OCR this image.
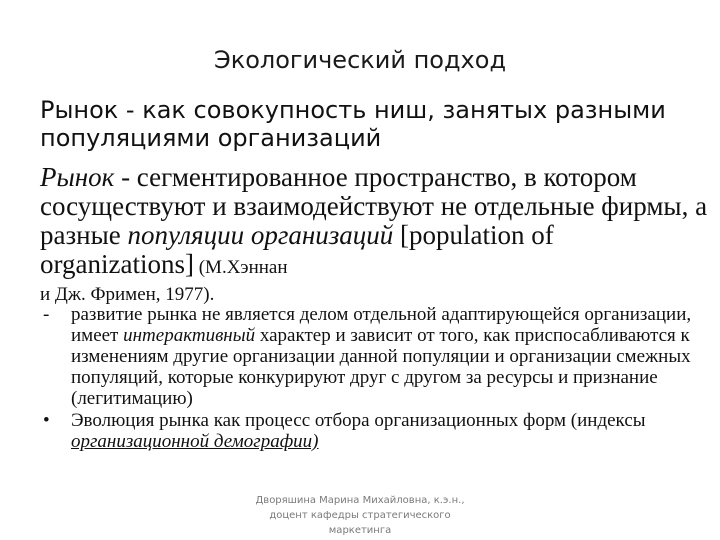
Экологический подход
Рынок - как совокупность ниш, занятых разными популяциями организаций
Рынок - сегментированное пространство, в котором сосуществуют и взаимодействуют не отдельные фирмы, а разные популяции организаций [population of organizations] (М.Хэннан
и Дж. Фримен, 1977).
- развитие рынка не является делом отдельной адаптирующейся организации, имеет интерактивный характер и зависит от того, как приспосабливаются к изменениям другие организации данной популяции и организации смежных популяций, которые конкурируют друг с другом за ресурсы и признание (легитимацию)
• Эволюция рынка как процесс отбора организационных форм (индексы организационной демографии)
Дворяшина Марина Михайловна, к.э.н., доцент кафедры стратегического маркетинга
